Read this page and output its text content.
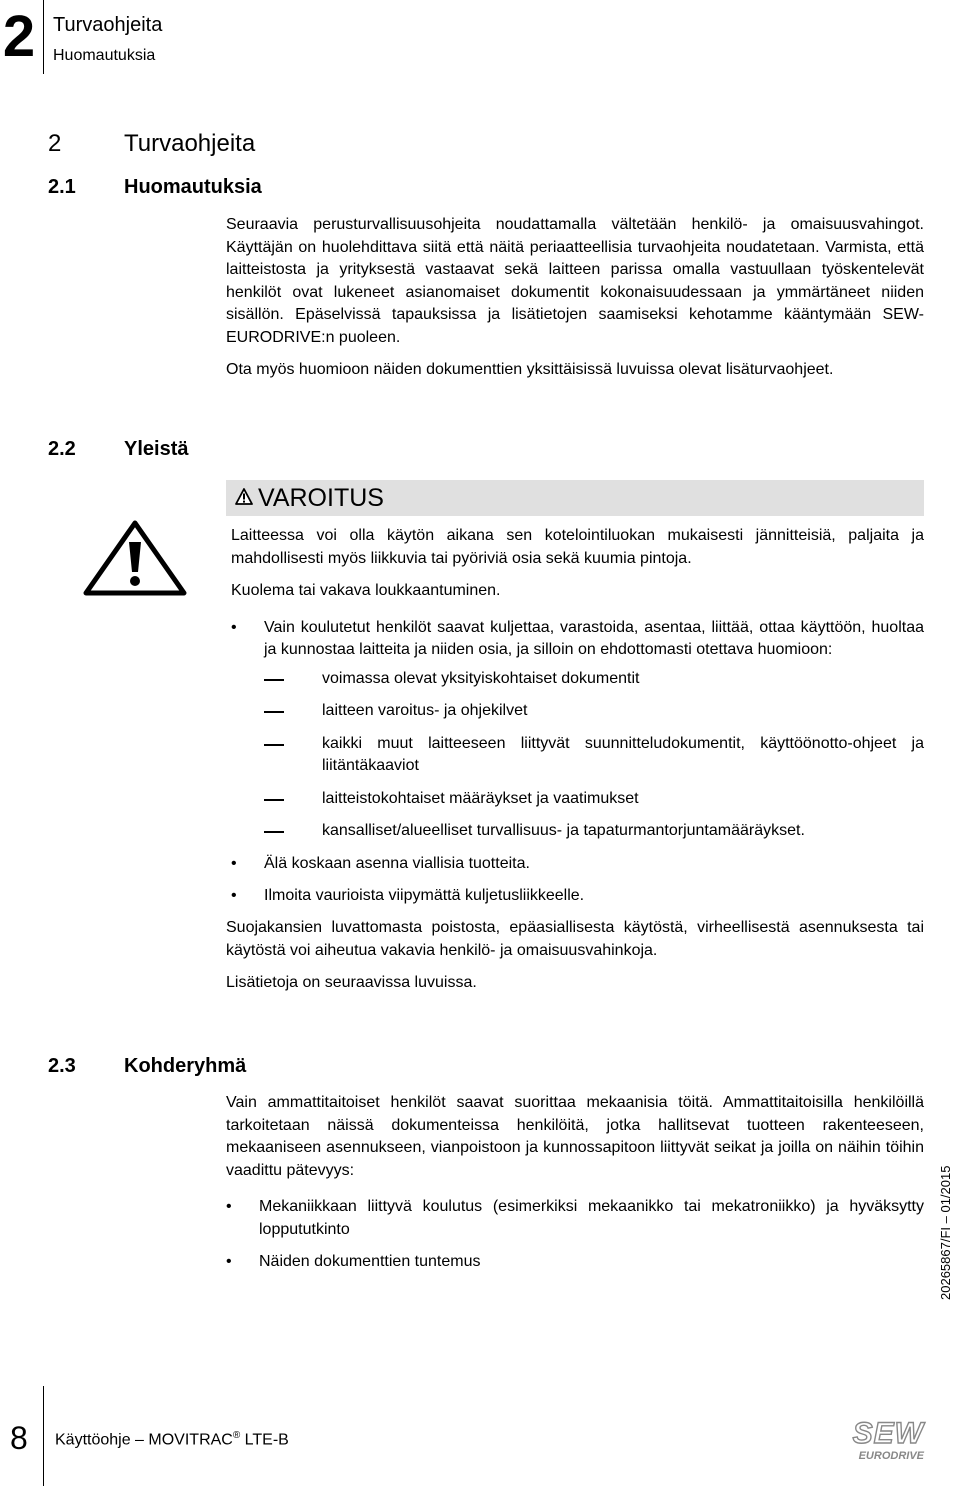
2 Turvaohjeita
Huomautuksia
2	Turvaohjeita
2.1 Huomautuksia

Seuraavia perusturvallisuusohjeita noudattamalla vältetään henkilö- ja omaisuusvahingot. Käyttäjän on huolehdittava siitä että näitä periaatteellisia turvaohjeita noudatetaan. Varmista, että laitteistosta ja yrityksestä vastaavat sekä laitteen parissa omalla vastuullaan työskentelevät henkilöt ovat lukeneet asianomaiset dokumentit kokonaisuudessaan ja ymmärtäneet niiden sisällön. Epäselvissä tapauksissa ja lisätietojen saamiseksi kehotamme kääntymään SEW-EURODRIVE:n puoleen.

Ota myös huomioon näiden dokumenttien yksittäisissä luvuissa olevat lisäturvaohjeet.

2.2 Yleistä
VAROITUS

Laitteessa voi olla käytön aikana sen kotelointiluokan mukaisesti jännitteisiä, paljaita ja mahdollisesti myös liikkuvia tai pyöriviä osia sekä kuumia pintoja.

Kuolema tai vakava loukkaantuminen.

• Vain koulutetut henkilöt saavat kuljettaa, varastoida, asentaa, liittää, ottaa käyttöön, huoltaa ja kunnostaa laitteita ja niiden osia, ja silloin on ehdottomasti otettava huomioon:
voimassa olevat yksityiskohtaiset dokumentit
laitteen varoitus- ja ohjekilvet
kaikki muut laitteeseen liittyvät suunnitteludokumentit, käyttöönotto-ohjeet ja liitäntäkaaviot
laitteistokohtaiset määräykset ja vaatimukset
kansalliset/alueelliset turvallisuus- ja tapaturmantorjuntamääräykset.
• Älä koskaan asenna viallisia tuotteita.
• Ilmoita vaurioista viipymättä kuljetusliikkeelle.

Suojakansien luvattomasta poistosta, epäasiallisesta käytöstä, virheellisestä asennuksesta tai käytöstä voi aiheutua vakavia henkilö- ja omaisuusvahinkoja.

Lisätietoja on seuraavissa luvuissa.

2.3 Kohderyhmä

Vain ammattitaitoiset henkilöt saavat suorittaa mekaanisia töitä. Ammattitaitoisilla henkilöillä tarkoitetaan näissä dokumenteissa henkilöitä, jotka hallitsevat tuotteen rakenteeseen, mekaaniseen asennukseen, vianpoistoon ja kunnossapitoon liittyvät seikat ja joilla on näihin töihin vaadittu pätevyys:

• Mekaniikkaan liittyvä koulutus (esimerkiksi mekaanikko tai mekatroniikko) ja hyväksytty loppututkinto
• Näiden dokumenttien tuntemus	20265867/FI – 01/2015
8 Käyttöohje – MOVITRAC® LTE-B	SEW
EURODRIVE
